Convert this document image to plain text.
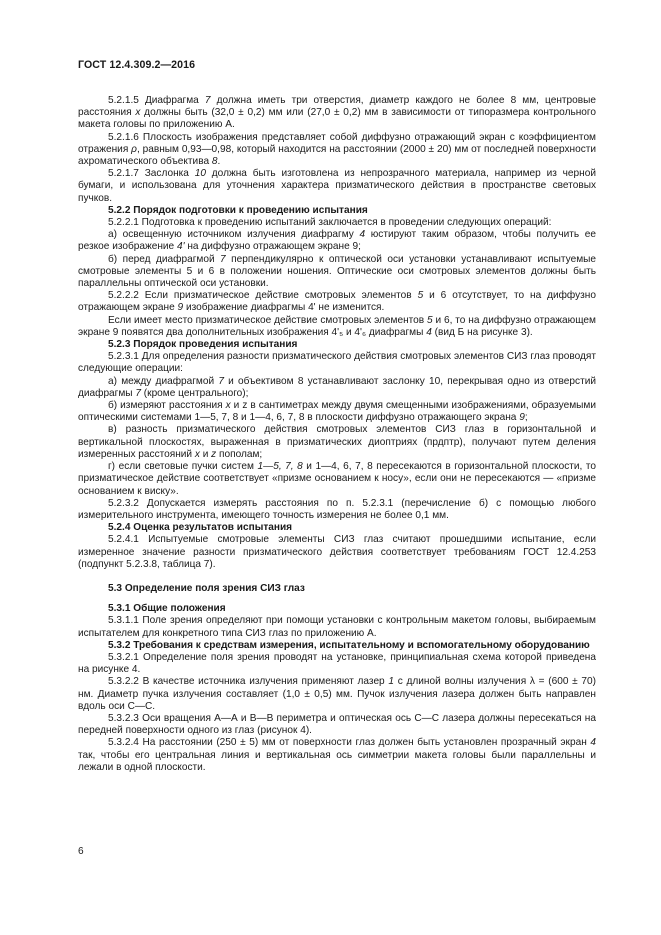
ГОСТ 12.4.309.2—2016

5.2.1.5 Диафрагма 7 должна иметь три отверстия, диаметр каждого не более 8 мм, центровые расстояния x должны быть (32,0 ± 0,2) мм или (27,0 ± 0,2) мм в зависимости от типоразмера контрольного макета головы по приложению А.

5.2.1.6 Плоскость изображения представляет собой диффузно отражающий экран с коэффициентом отражения ρ, равным 0,93—0,98, который находится на расстоянии (2000 ± 20) мм от последней поверхности ахроматического объектива 8.

5.2.1.7 Заслонка 10 должна быть изготовлена из непрозрачного материала, например из черной бумаги, и использована для уточнения характера призматического действия в пространстве световых пучков.

5.2.2 Порядок подготовки к проведению испытания

5.2.2.1 Подготовка к проведению испытаний заключается в проведении следующих операций:

а) освещенную источником излучения диафрагму 4 юстируют таким образом, чтобы получить ее резкое изображение 4' на диффузно отражающем экране 9;

б) перед диафрагмой 7 перпендикулярно к оптической оси установки устанавливают испытуемые смотровые элементы 5 и 6 в положении ношения. Оптические оси смотровых элементов должны быть параллельны оптической оси установки.

5.2.2.2 Если призматическое действие смотровых элементов 5 и 6 отсутствует, то на диффузно отражающем экране 9 изображение диафрагмы 4' не изменится.

Если имеет место призматическое действие смотровых элементов 5 и 6, то на диффузно отражающем экране 9 появятся два дополнительных изображения 4'₅ и 4'₆ диафрагмы 4 (вид Б на рисунке 3).

5.2.3 Порядок проведения испытания

5.2.3.1 Для определения разности призматического действия смотровых элементов СИЗ глаз проводят следующие операции:

а) между диафрагмой 7 и объективом 8 устанавливают заслонку 10, перекрывая одно из отверстий диафрагмы 7 (кроме центрального);

б) измеряют расстояния x и z в сантиметрах между двумя смещенными изображениями, образуемыми оптическими системами 1—5, 7, 8 и 1—4, 6, 7, 8 в плоскости диффузно отражающего экрана 9;

в) разность призматического действия смотровых элементов СИЗ глаз в горизонтальной и вертикальной плоскостях, выраженная в призматических диоптриях (прдптр), получают путем деления измеренных расстояний x и z пополам;

г) если световые пучки систем 1—5, 7, 8 и 1—4, 6, 7, 8 пересекаются в горизонтальной плоскости, то призматическое действие соответствует «призме основанием к носу», если они не пересекаются — «призме основанием к виску».

5.2.3.2 Допускается измерять расстояния по п. 5.2.3.1 (перечисление б) с помощью любого измерительного инструмента, имеющего точность измерения не более 0,1 мм.

5.2.4 Оценка результатов испытания

5.2.4.1 Испытуемые смотровые элементы СИЗ глаз считают прошедшими испытание, если измеренное значение разности призматического действия соответствует требованиям ГОСТ 12.4.253 (подпункт 5.2.3.8, таблица 7).

5.3 Определение поля зрения СИЗ глаз

5.3.1 Общие положения

5.3.1.1 Поле зрения определяют при помощи установки с контрольным макетом головы, выбираемым испытателем для конкретного типа СИЗ глаз по приложению А.

5.3.2 Требования к средствам измерения, испытательному и вспомогательному оборудованию

5.3.2.1 Определение поля зрения проводят на установке, принципиальная схема которой приведена на рисунке 4.

5.3.2.2 В качестве источника излучения применяют лазер 1 с длиной волны излучения λ = (600 ± 70) нм. Диаметр пучка излучения составляет (1,0 ± 0,5) мм. Пучок излучения лазера должен быть направлен вдоль оси С—С.

5.3.2.3 Оси вращения А—А и В—В периметра и оптическая ось С—С лазера должны пересекаться на передней поверхности одного из глаз (рисунок 4).

5.3.2.4 На расстоянии (250 ± 5) мм от поверхности глаз должен быть установлен прозрачный экран 4 так, чтобы его центральная линия и вертикальная ось симметрии макета головы были параллельны и лежали в одной плоскости.

6
